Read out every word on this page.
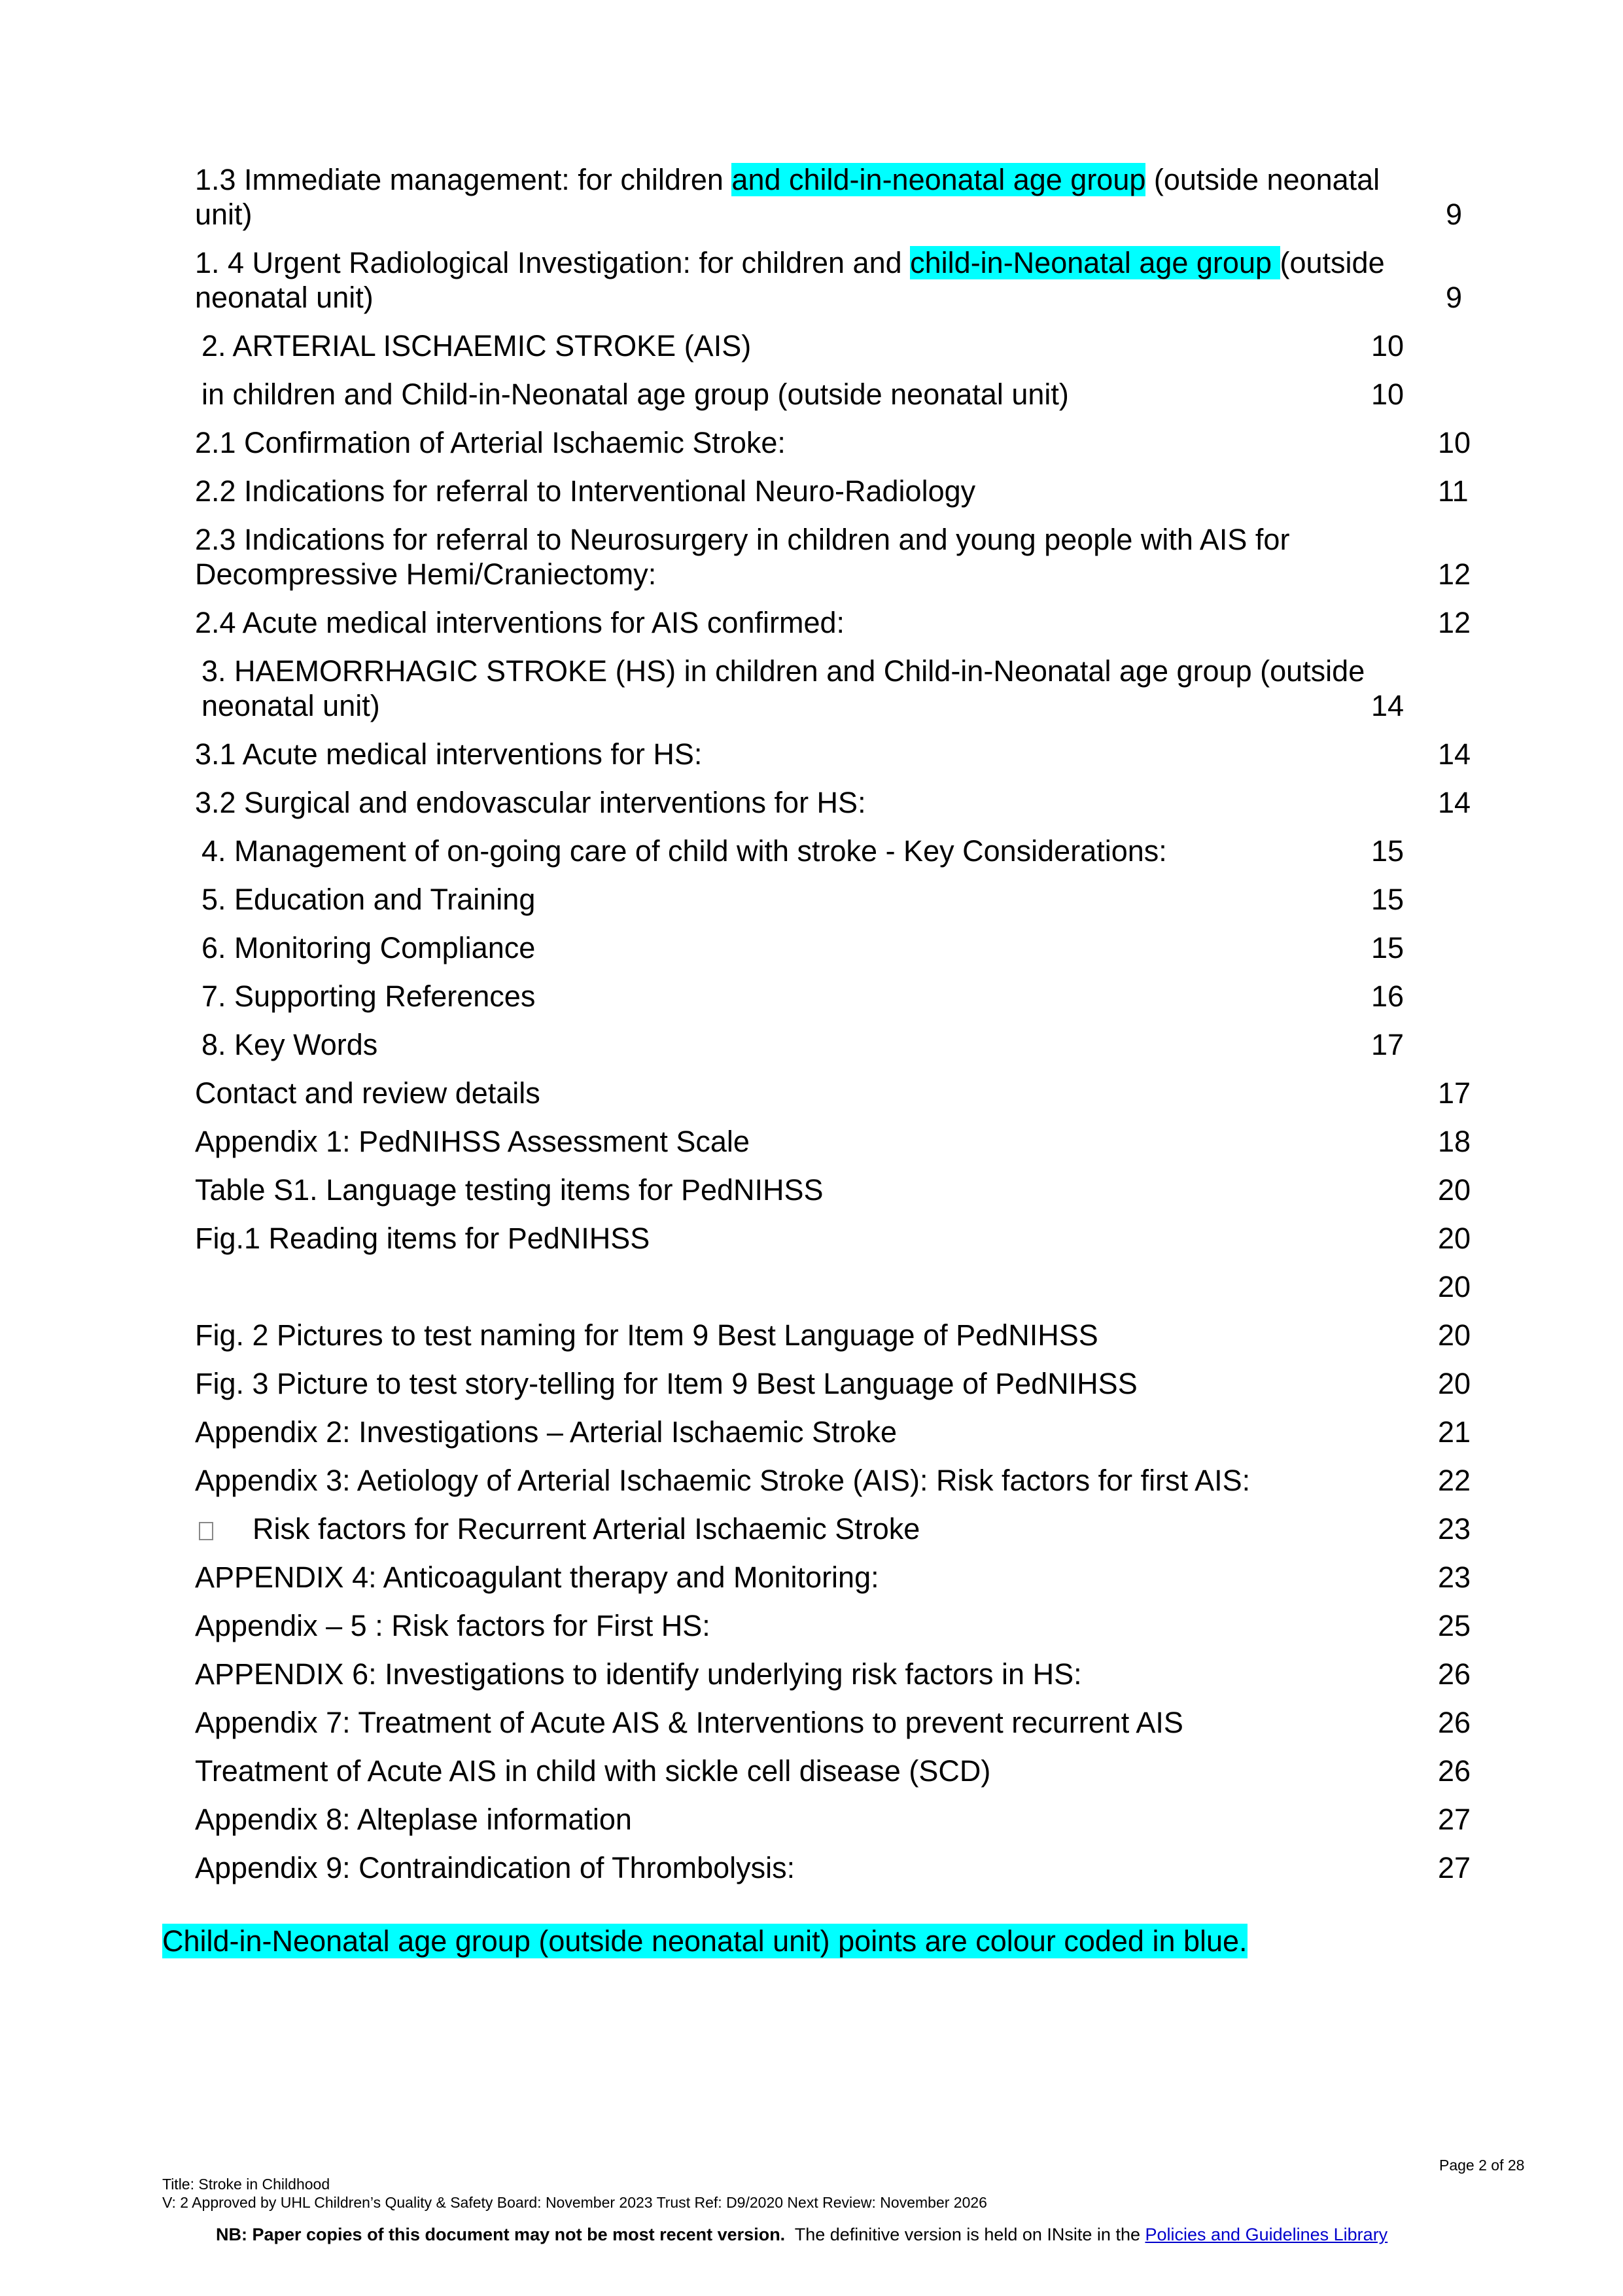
1.3 Immediate management: for children and child-in-neonatal age group (outside neonatal
unit)	9
1. 4 Urgent Radiological Investigation: for children and child-in-Neonatal age group (outside
neonatal unit)	9
2. ARTERIAL ISCHAEMIC STROKE (AIS)	10
in children and Child-in-Neonatal age group (outside neonatal unit)	10
2.1 Confirmation of Arterial Ischaemic Stroke:	10
2.2 Indications for referral to Interventional Neuro-Radiology	11
2.3 Indications for referral to Neurosurgery in children and young people with AIS for
Decompressive Hemi/Craniectomy:	12
2.4 Acute medical interventions for AIS confirmed:	12
3. HAEMORRHAGIC STROKE (HS) in children and Child-in-Neonatal age group (outside
neonatal unit)	14
3.1 Acute medical interventions for HS:	14
3.2 Surgical and endovascular interventions for HS:	14
4. Management of on-going care of child with stroke - Key Considerations:	15
5. Education and Training	15
6. Monitoring Compliance	15
7. Supporting References	16
8. Key Words	17
Contact and review details	17
Appendix 1: PedNIHSS Assessment Scale	18
Table S1. Language testing items for PedNIHSS	20
Fig.1 Reading items for PedNIHSS	20
20
Fig. 2 Pictures to test naming for Item 9 Best Language of PedNIHSS	20
Fig. 3 Picture to test story-telling for Item 9 Best Language of PedNIHSS	20
Appendix 2: Investigations – Arterial Ischaemic Stroke	21
Appendix 3: Aetiology of Arterial Ischaemic Stroke (AIS): Risk factors for first AIS:	22
Risk factors for Recurrent Arterial Ischaemic Stroke	23
APPENDIX 4: Anticoagulant therapy and Monitoring:	23
Appendix – 5 : Risk factors for First HS:	25
APPENDIX 6: Investigations to identify underlying risk factors in HS:	26
Appendix 7: Treatment of Acute AIS & Interventions to prevent recurrent AIS	26
Treatment of Acute AIS in child with sickle cell disease (SCD)	26
Appendix 8: Alteplase information	27
Appendix 9: Contraindication of Thrombolysis:	27
Child-in-Neonatal age group (outside neonatal unit) points are colour coded in blue.
Page 2 of 28
Title: Stroke in Childhood
V: 2 Approved by UHL Children’s Quality & Safety Board: November 2023 Trust Ref: D9/2020 Next Review: November 2026
NB: Paper copies of this document may not be most recent version.  The definitive version is held on INsite in the Policies and Guidelines Library
